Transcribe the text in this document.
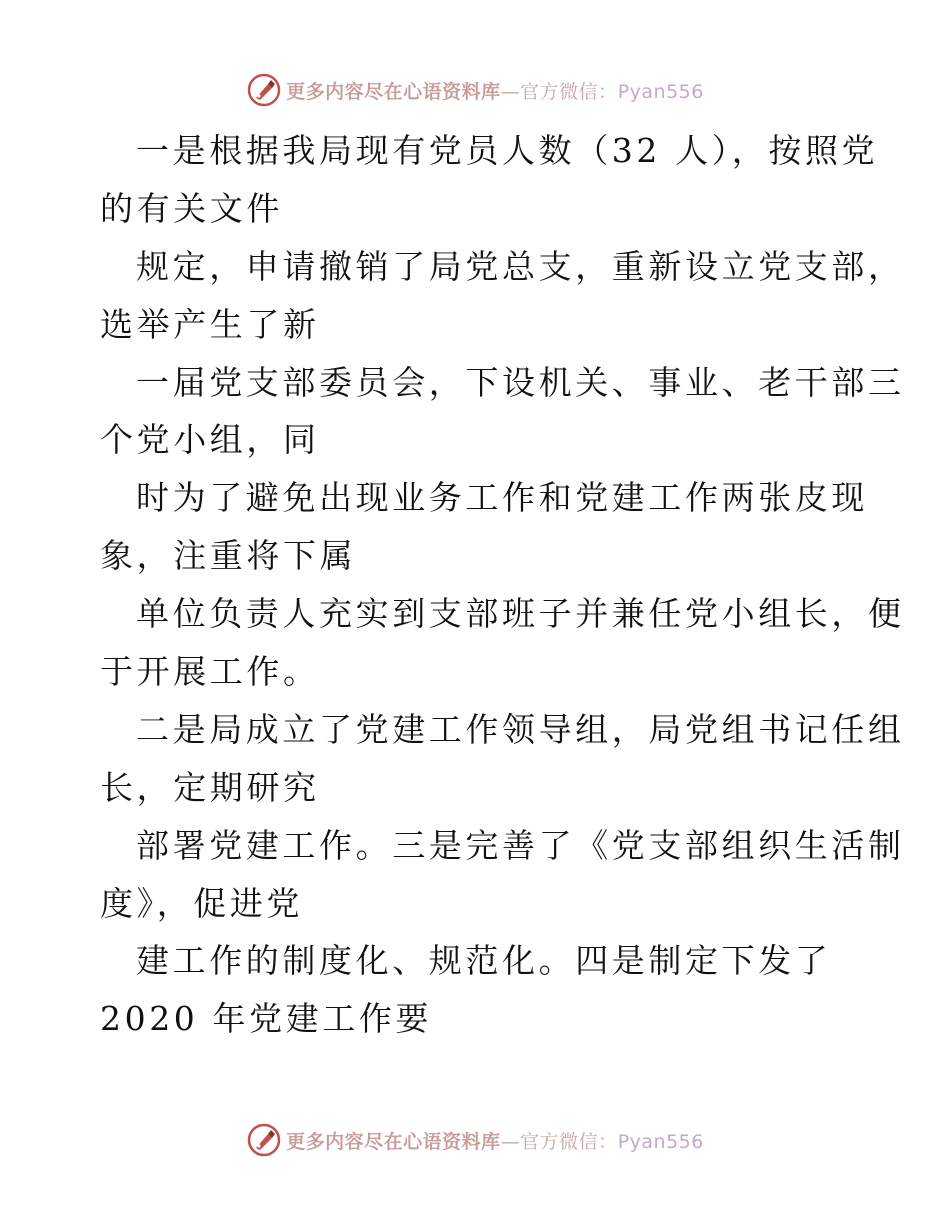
更多内容尽在心语资料库—官方微信：Pyan556
一是根据我局现有党员人数（32 人），按照党
的有关文件
规定，申请撤销了局党总支，重新设立党支部，
选举产生了新
一届党支部委员会，下设机关、事业、老干部三
个党小组，同
时为了避免出现业务工作和党建工作两张皮现
象，注重将下属
单位负责人充实到支部班子并兼任党小组长，便
于开展工作。
二是局成立了党建工作领导组，局党组书记任组
长，定期研究
部署党建工作。三是完善了《党支部组织生活制
度》，促进党
建工作的制度化、规范化。四是制定下发了
2020 年党建工作要
更多内容尽在心语资料库—官方微信：Pyan556
